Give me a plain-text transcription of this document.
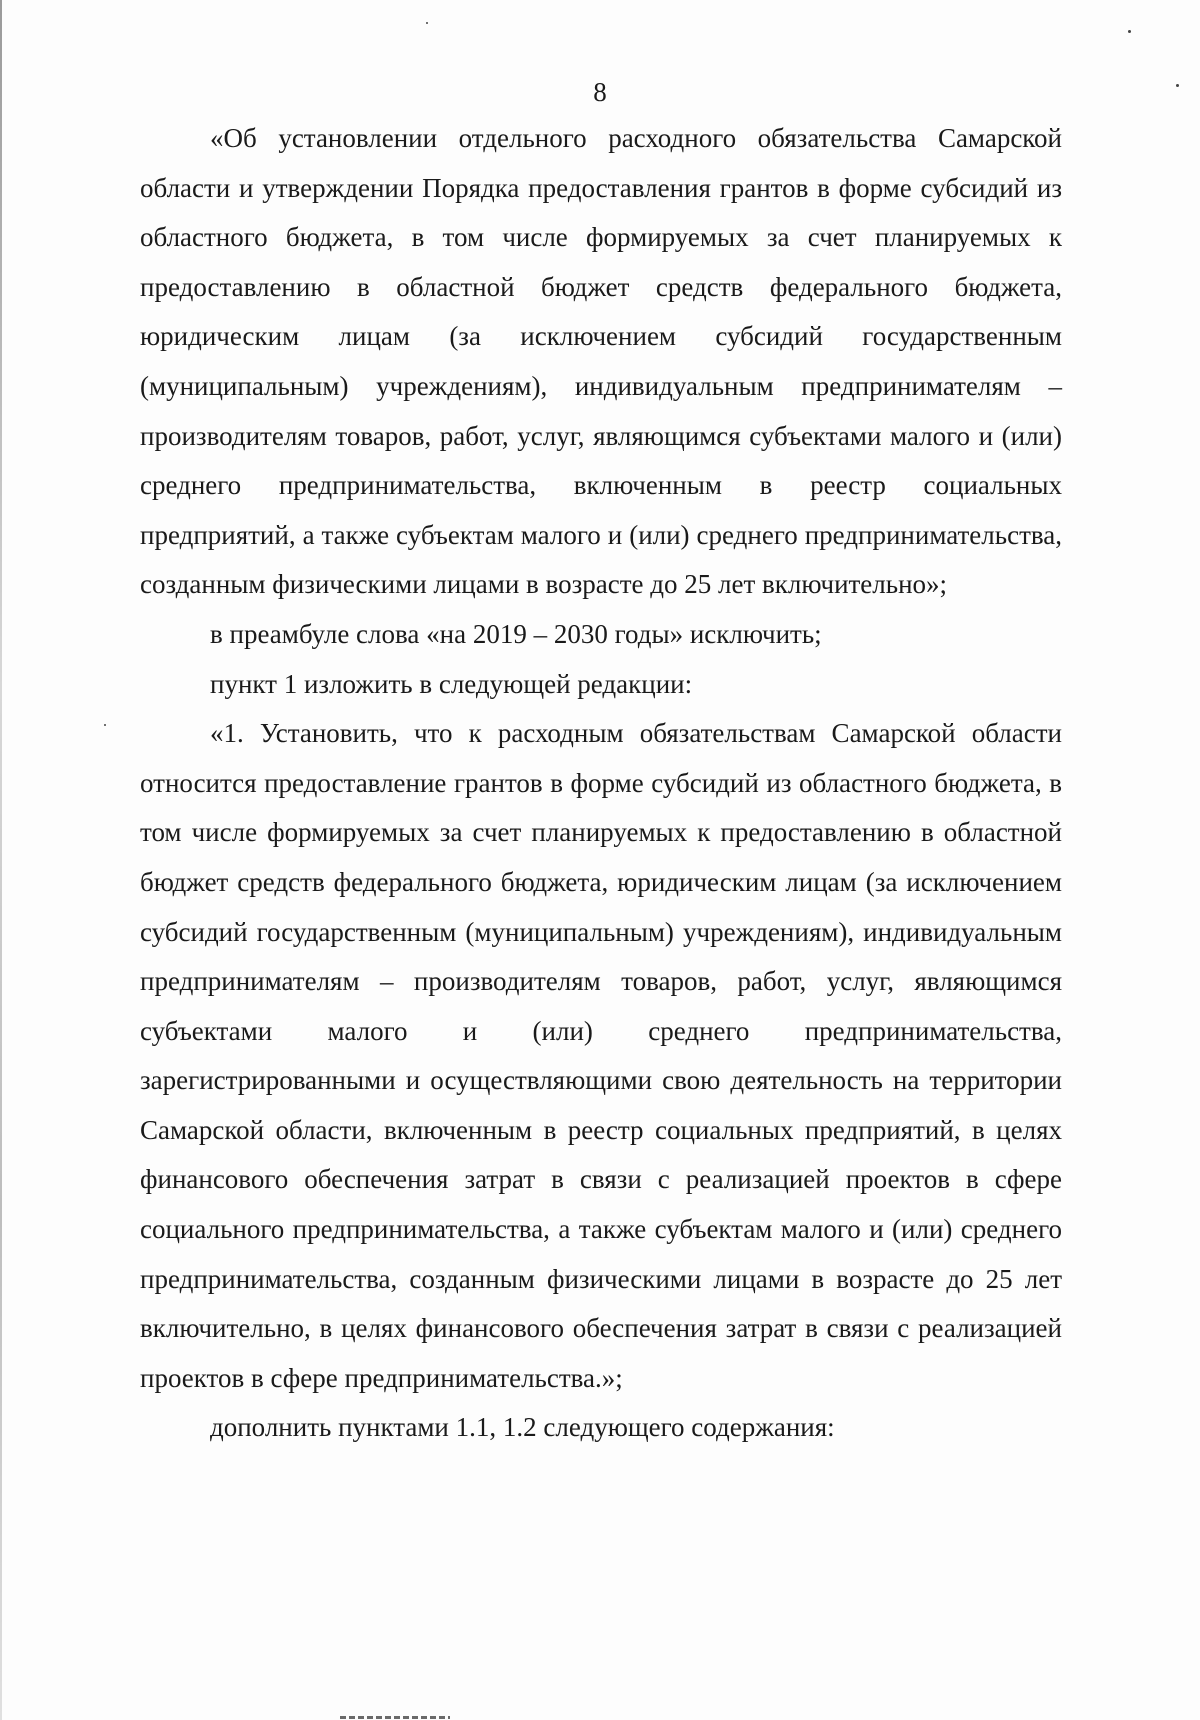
8

«Об установлении отдельного расходного обязательства Самарской области и утверждении Порядка предоставления грантов в форме субсидий из областного бюджета, в том числе формируемых за счет планируемых к предоставлению в областной бюджет средств федерального бюджета, юридическим лицам (за исключением субсидий государственным (муниципальным) учреждениям), индивидуальным предпринимателям – производителям товаров, работ, услуг, являющимся субъектами малого и (или) среднего предпринимательства, включенным в реестр социальных предприятий, а также субъектам малого и (или) среднего предпринимательства, созданным физическими лицами в возрасте до 25 лет включительно»;

в преамбуле слова «на 2019 – 2030 годы» исключить;

пункт 1 изложить в следующей редакции:

«1. Установить, что к расходным обязательствам Самарской области относится предоставление грантов в форме субсидий из областного бюджета, в том числе формируемых за счет планируемых к предоставлению в областной бюджет средств федерального бюджета, юридическим лицам (за исключением субсидий государственным (муниципальным) учреждениям), индивидуальным предпринимателям – производителям товаров, работ, услуг, являющимся субъектами малого и (или) среднего предпринимательства, зарегистрированными и осуществляющими свою деятельность на территории Самарской области, включенным в реестр социальных предприятий, в целях финансового обеспечения затрат в связи с реализацией проектов в сфере социального предпринимательства, а также субъектам малого и (или) среднего предпринимательства, созданным физическими лицами в возрасте до 25 лет включительно, в целях финансового обеспечения затрат в связи с реализацией проектов в сфере предпринимательства.»;

дополнить пунктами 1.1, 1.2 следующего содержания:
